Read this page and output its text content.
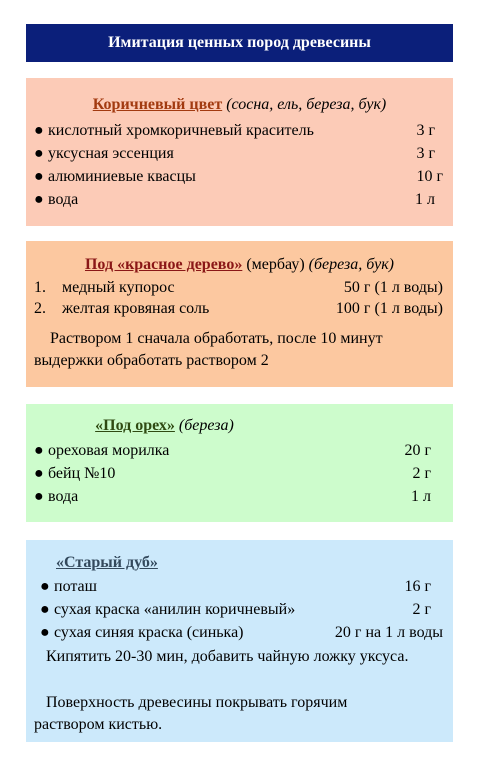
Имитация ценных пород древесины
Коричневый цвет (сосна, ель, береза, бук)
● кислотный хромкоричневый краситель	3 г
● уксусная эссенция	3 г
● алюминиевые квасцы	10 г
● вода	1 л
Под «красное дерево» (мербау) (береза, бук)
1. медный купорос	50 г (1 л воды)
2. желтая кровяная соль	100 г (1 л воды)
Раствором 1 сначала обработать, после 10 минут выдержки обработать раствором 2
«Под орех» (береза)
● ореховая морилка	20 г
● бейц №10	2 г
● вода	1 л
«Старый дуб»
● поташ	16 г
● сухая краска «анилин коричневый»	2 г
● сухая синяя краска (синька)	20 г на 1 л воды
Кипятить 20-30 мин, добавить чайную ложку уксуса.
Поверхность древесины покрывать горячим раствором кистью.
